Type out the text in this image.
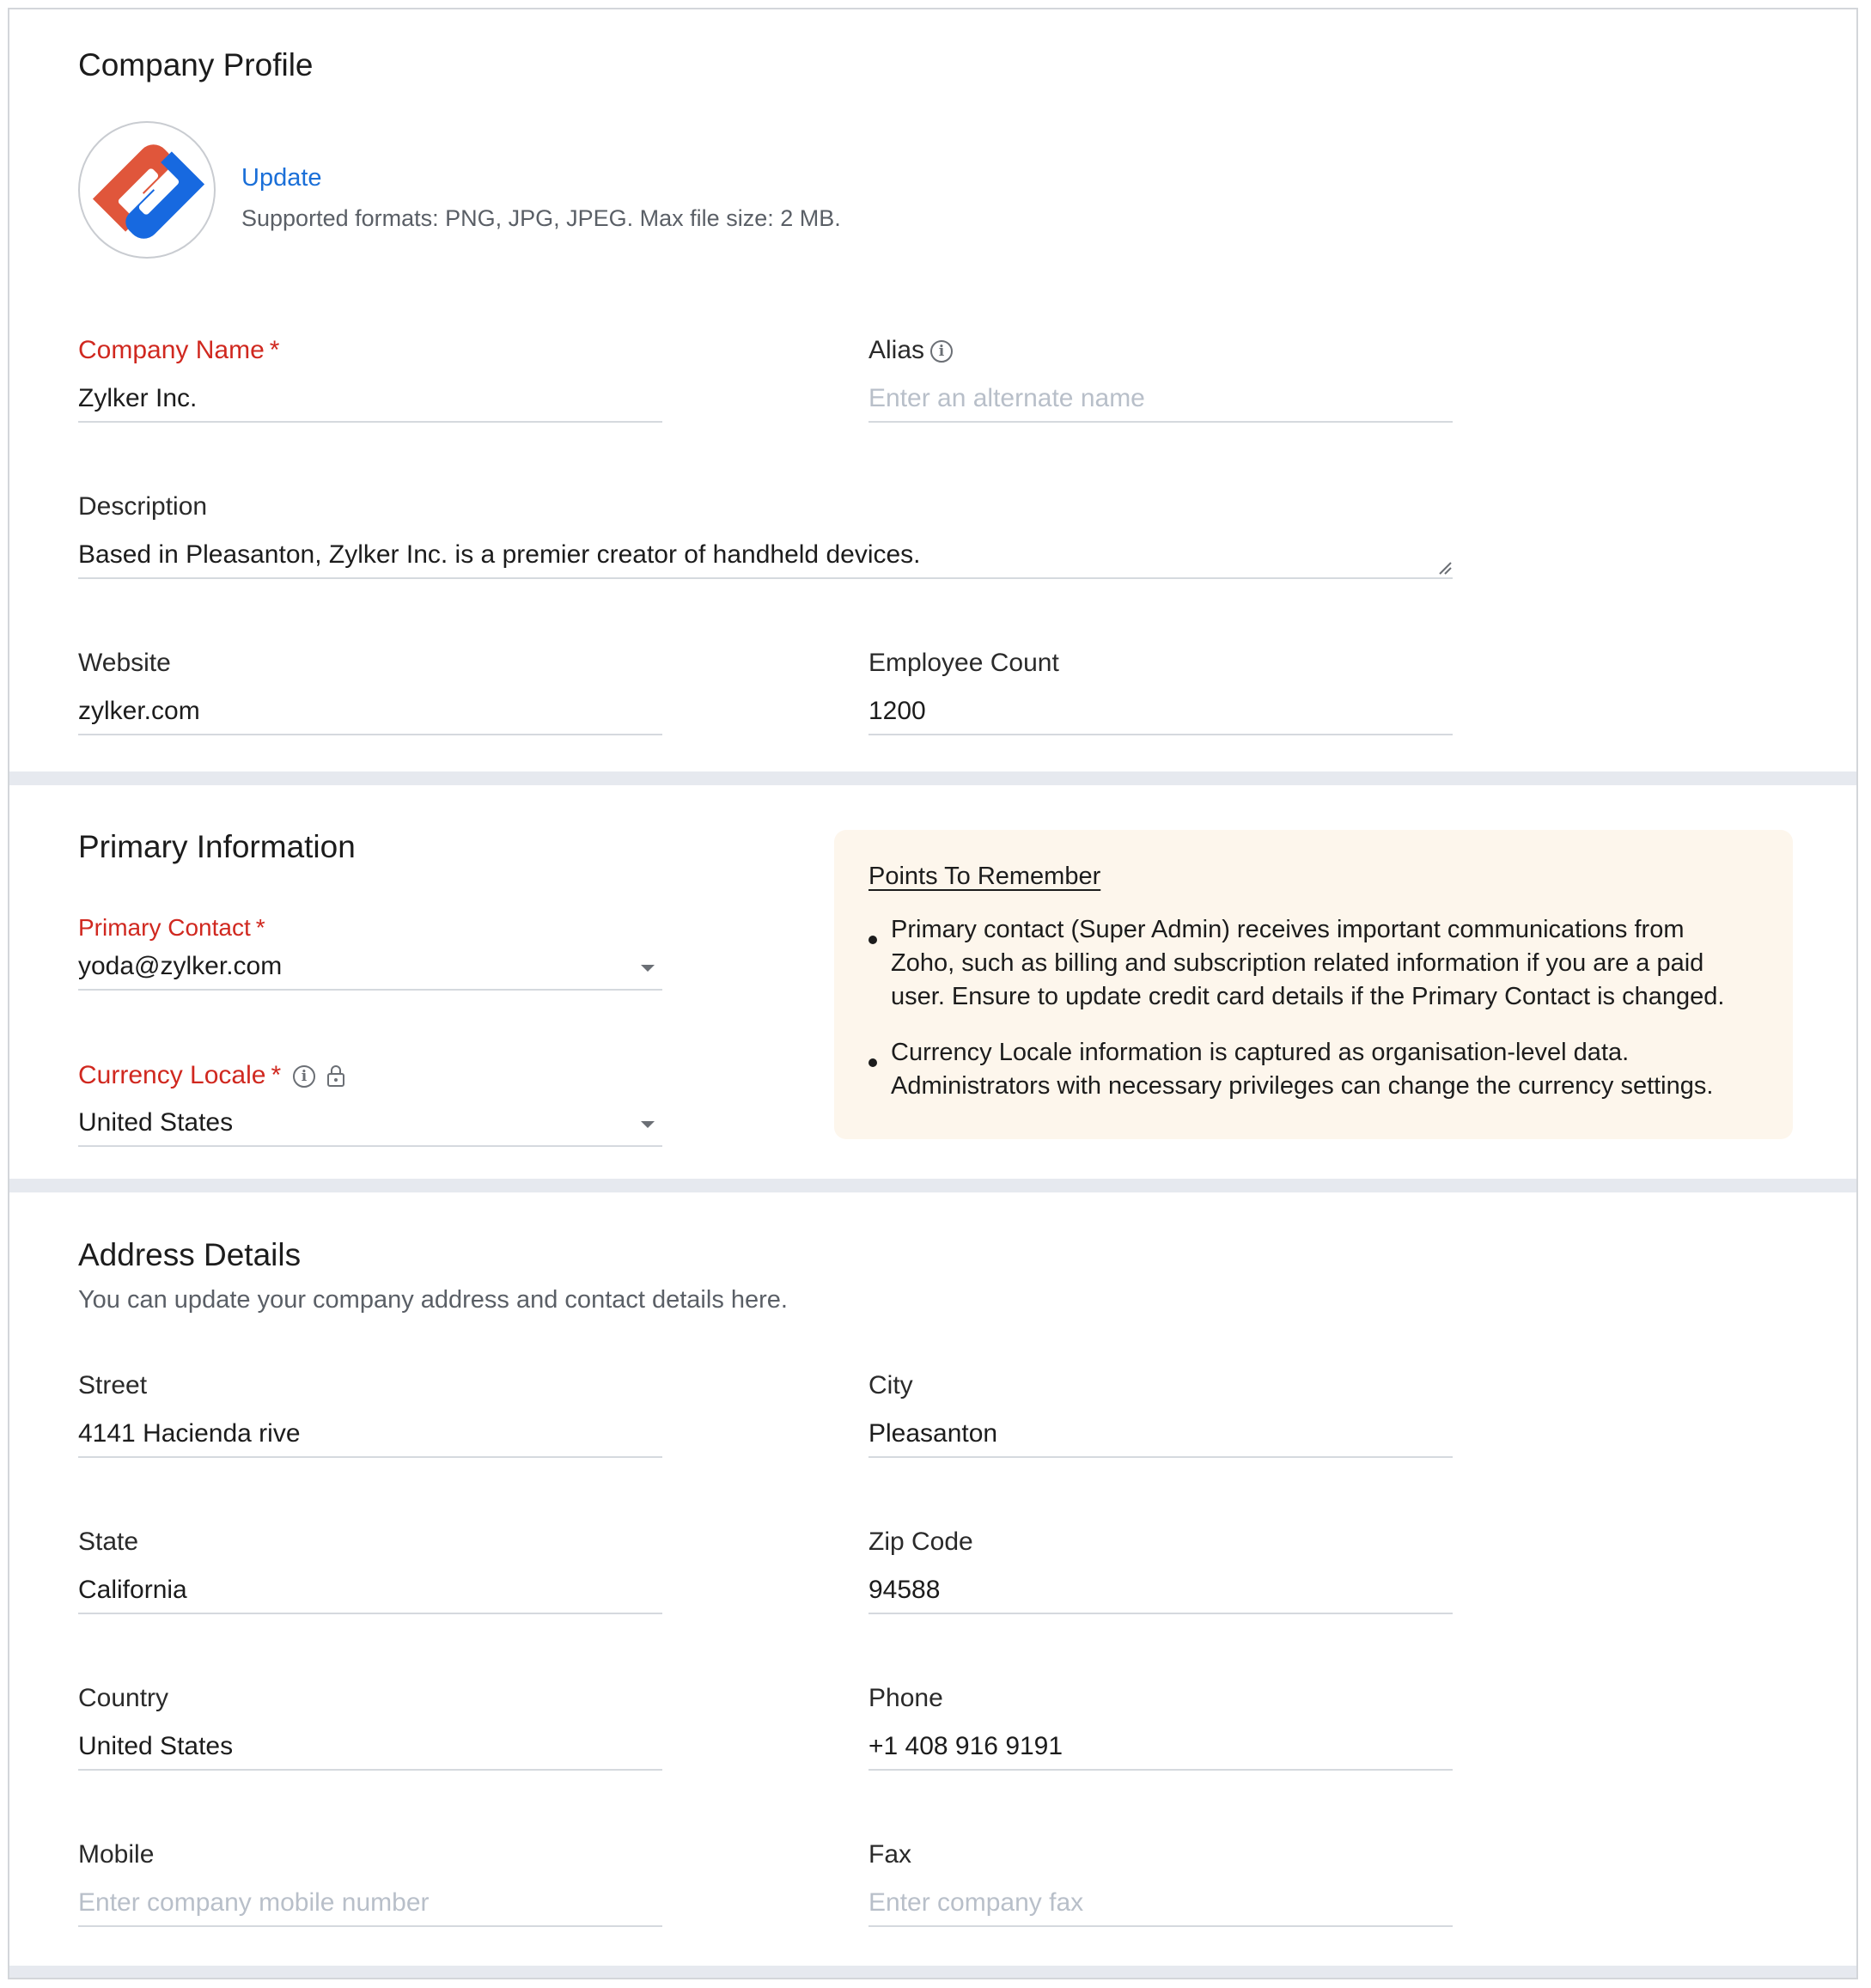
Company Profile
Update
Supported formats: PNG, JPG, JPEG. Max file size: 2 MB.
Company Name *
Zylker Inc.
Alias i
Enter an alternate name
Description
Based in Pleasanton, Zylker Inc. is a premier creator of handheld devices.
Website
zylker.com
Employee Count
1200
Primary Information
Primary Contact *
yoda@zylker.com
Currency Locale *	i
United States
Points To Remember
Primary contact (Super Admin) receives important communications from
Zoho, such as billing and subscription related information if you are a paid
user. Ensure to update credit card details if the Primary Contact is changed.
Currency Locale information is captured as organisation-level data.
Administrators with necessary privileges can change the currency settings.
Address Details
You can update your company address and contact details here.
Street
4141 Hacienda rive
City
Pleasanton
State
California
Zip Code
94588
Country
United States
Phone
+1 408 916 9191
Mobile
Enter company mobile number
Fax
Enter company fax
